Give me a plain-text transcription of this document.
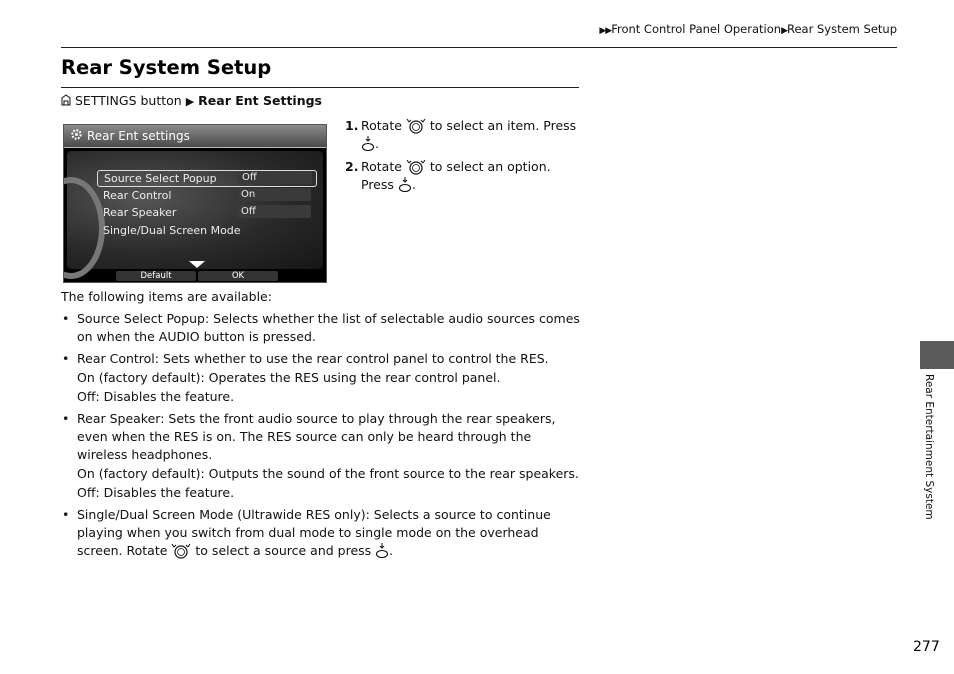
▶▶Front Control Panel Operation▶Rear System Setup
Rear System Setup
SETTINGS button ▶ Rear Ent Settings
Rear Ent settings
Source Select Popup	Off
Rear Control	On
Rear Speaker	Off
Single/Dual Screen Mode
Default	OK
1. Rotate to select an item. Press .
2. Rotate to select an option. Press .

The following items are available:

• Source Select Popup: Selects whether the list of selectable audio sources comes on when the AUDIO button is pressed.
• Rear Control: Sets whether to use the rear control panel to control the RES.
On (factory default): Operates the RES using the rear control panel.
Off: Disables the feature.
• Rear Speaker: Sets the front audio source to play through the rear speakers, even when the RES is on. The RES source can only be heard through the wireless headphones.
On (factory default): Outputs the sound of the front source to the rear speakers.
Off: Disables the feature.
• Single/Dual Screen Mode (Ultrawide RES only): Selects a source to continue playing when you switch from dual mode to single mode on the overhead screen. Rotate to select a source and press .
Rear Entertainment System
277
